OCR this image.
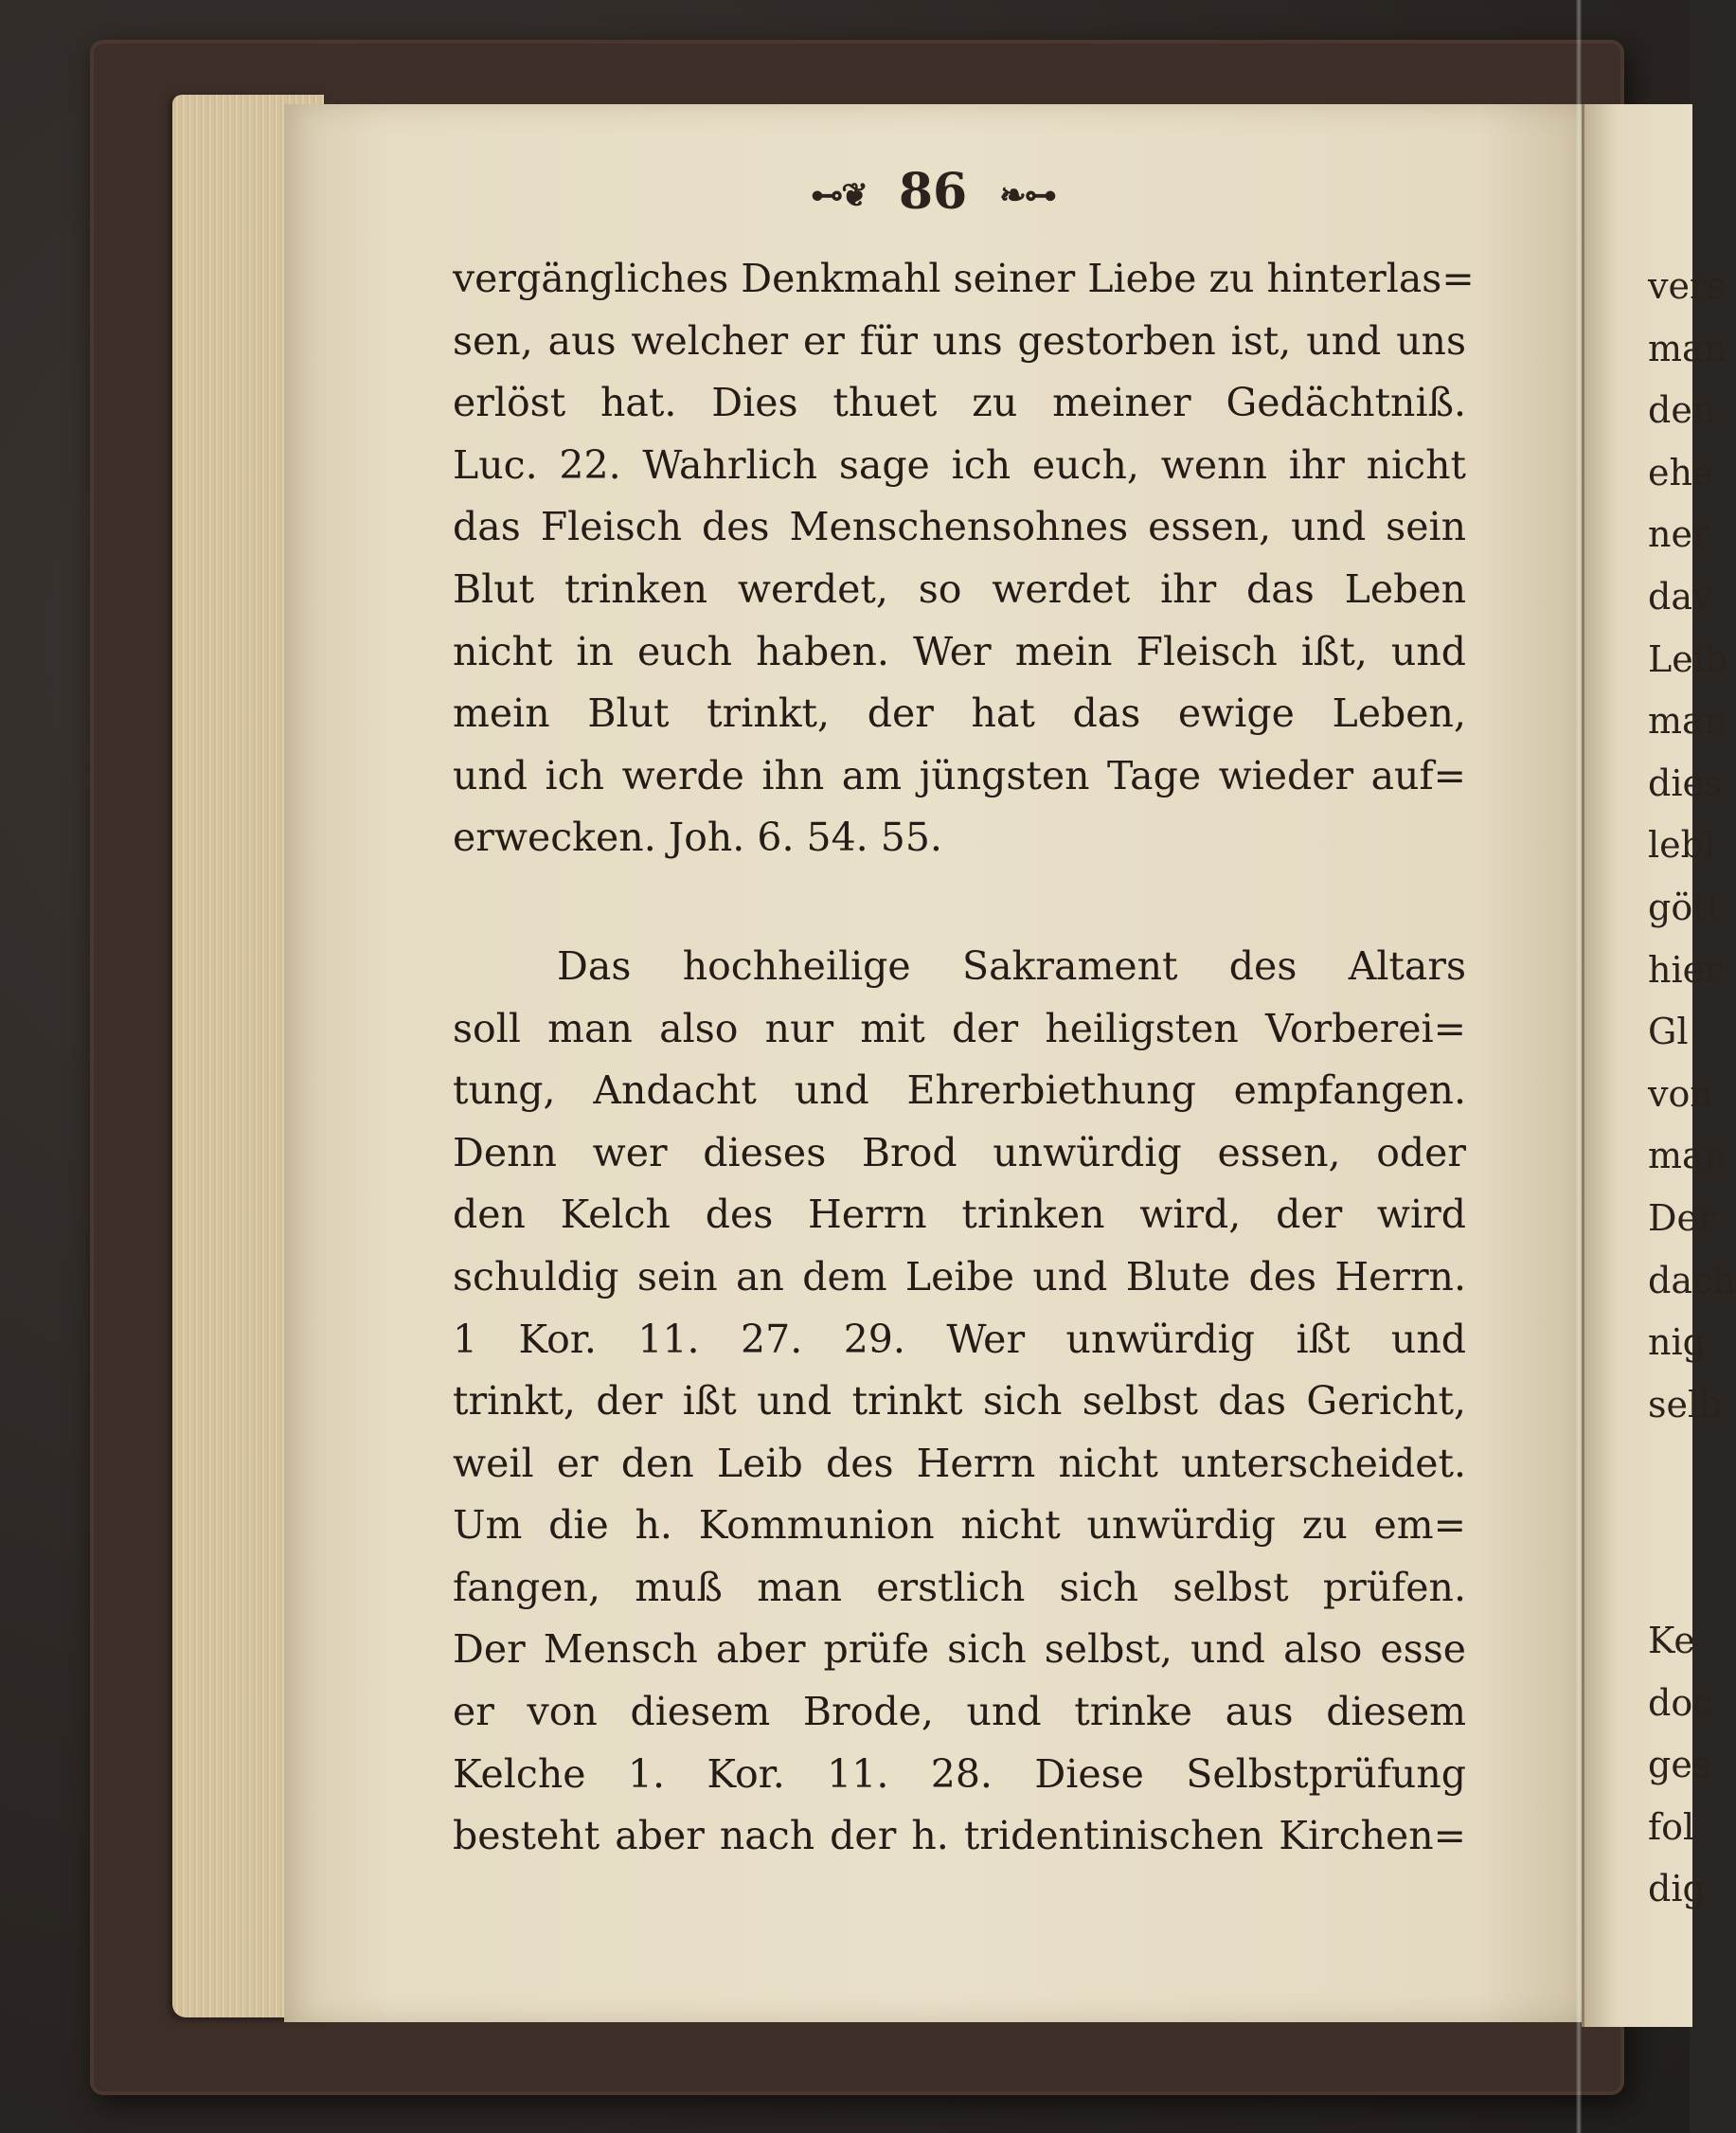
⊷❦ 86 ❧⊶
vergängliches Denkmahl seiner Liebe zu hinterlas=
sen, aus welcher er für uns gestorben ist, und uns
erlöst hat. Dies thuet zu meiner Gedächtniß.
Luc. 22. Wahrlich sage ich euch, wenn ihr nicht
das Fleisch des Menschensohnes essen, und sein
Blut trinken werdet, so werdet ihr das Leben
nicht in euch haben. Wer mein Fleisch ißt, und
mein Blut trinkt, der hat das ewige Leben,
und ich werde ihn am jüngsten Tage wieder auf=
erwecken. Joh. 6. 54. 55.
Das hochheilige Sakrament des Altars
soll man also nur mit der heiligsten Vorberei=
tung, Andacht und Ehrerbiethung empfangen.
Denn wer dieses Brod unwürdig essen, oder
den Kelch des Herrn trinken wird, der wird
schuldig sein an dem Leibe und Blute des Herrn.
1 Kor. 11. 27. 29. Wer unwürdig ißt und
trinkt, der ißt und trinkt sich selbst das Gericht,
weil er den Leib des Herrn nicht unterscheidet.
Um die h. Kommunion nicht unwürdig zu em=
fangen, muß man erstlich sich selbst prüfen.
Der Mensch aber prüfe sich selbst, und also esse
er von diesem Brode, und trinke aus diesem
Kelche 1. Kor. 11. 28. Diese Selbstprüfung
besteht aber nach der h. tridentinischen Kirchen=
vers
man
den
ehe
ner
dav
Leib
man
dies
lebl
gött
hier
Gl
von
man
Der
dach
nig
selb
Ke
doc
ges
fol
dig
